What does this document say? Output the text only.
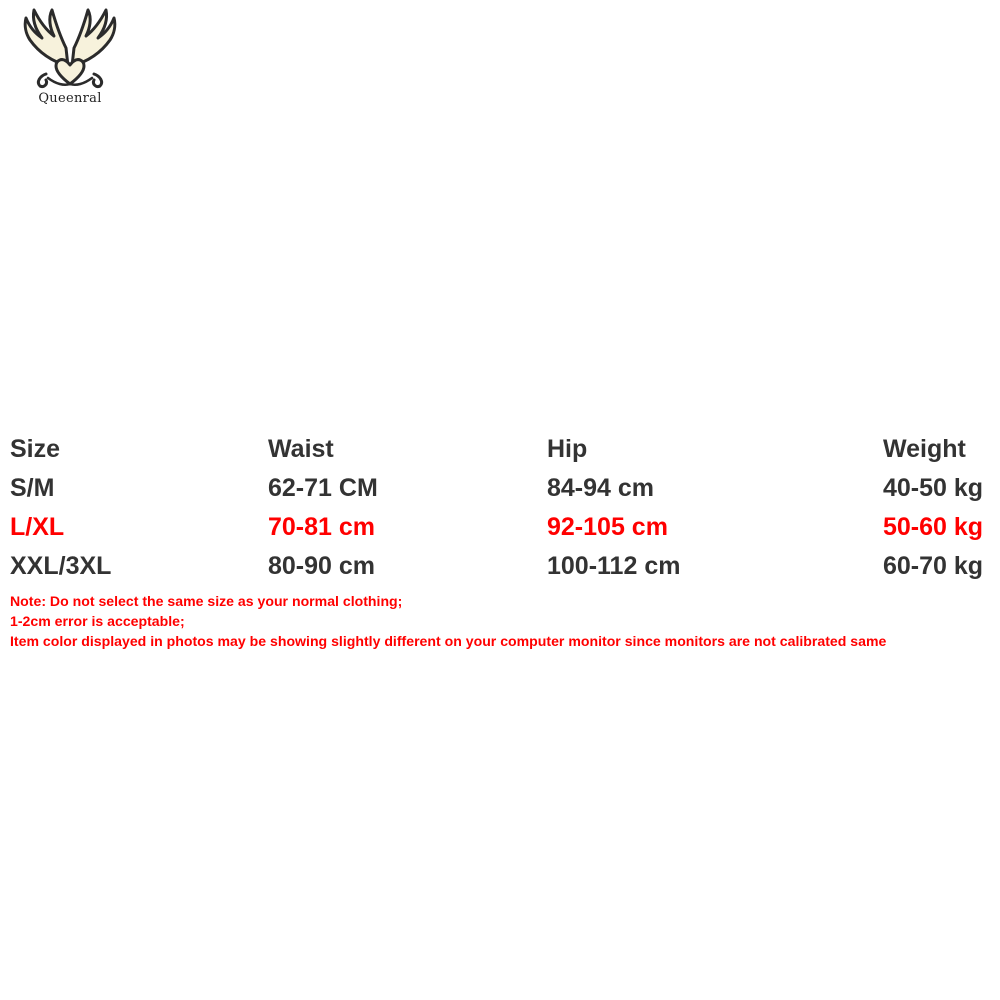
Queenral
Size	Waist	Hip	Weight
S/M	62-71 CM	84-94 cm	40-50 kg
L/XL	70-81 cm	92-105 cm	50-60 kg
XXL/3XL	80-90 cm	100-112 cm	60-70 kg
Note: Do not select the same size as your normal clothing;
1-2cm error is acceptable;
Item color displayed in photos may be showing slightly different on your computer monitor since monitors are not calibrated same
